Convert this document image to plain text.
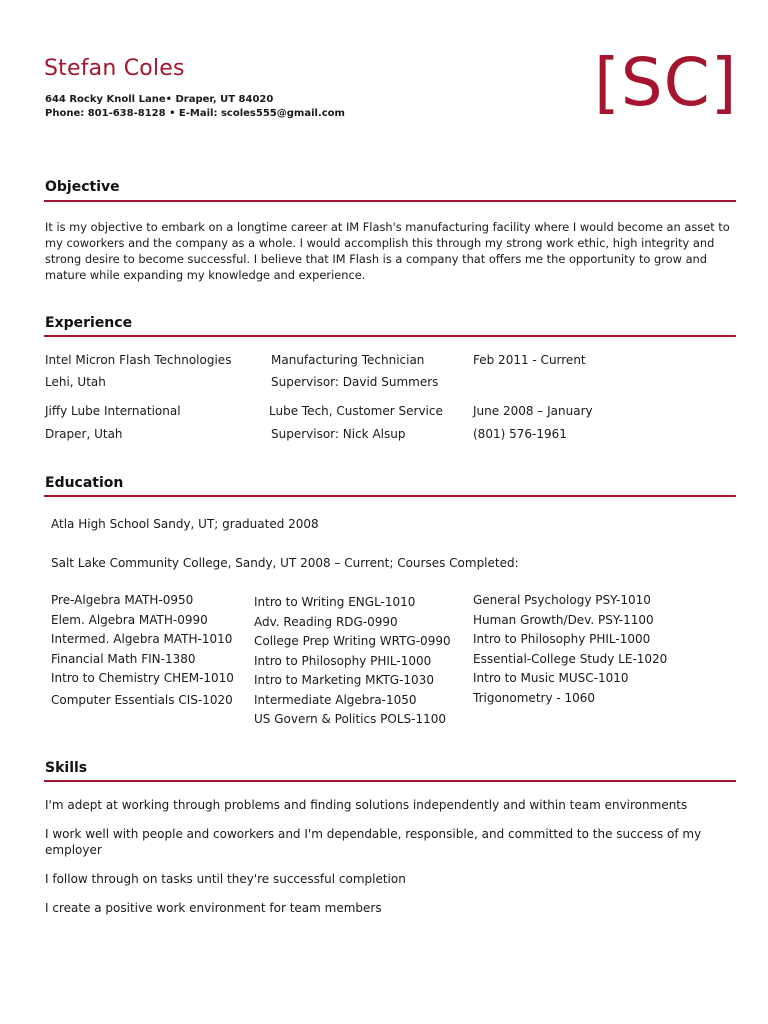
Stefan Coles
644 Rocky Knoll Lane• Draper, UT 84020
Phone: 801-638-8128 • E-Mail: scoles555@gmail.com	[SC]
Objective
It is my objective to embark on a longtime career at IM Flash's manufacturing facility where I would become an asset to my coworkers and the company as a whole. I would accomplish this through my strong work ethic, high integrity and strong desire to become successful. I believe that IM Flash is a company that offers me the opportunity to grow and mature while expanding my knowledge and experience.
Experience
Intel Micron Flash Technologies
Lehi, Utah
Manufacturing Technician
Supervisor: David Summers
Feb 2011 - Current
Jiffy Lube International
Draper, Utah
Lube Tech, Customer Service
Supervisor: Nick Alsup
June 2008 – January
(801) 576-1961
Education
Atla High School Sandy, UT; graduated 2008
Salt Lake Community College, Sandy, UT 2008 – Current; Courses Completed:
Pre-Algebra MATH-0950
Elem. Algebra MATH-0990
Intermed. Algebra MATH-1010
Financial Math FIN-1380
Intro to Chemistry CHEM-1010
Computer Essentials CIS-1020
Intro to Writing ENGL-1010
Adv. Reading RDG-0990
College Prep Writing WRTG-0990
Intro to Philosophy PHIL-1000
Intro to Marketing MKTG-1030
Intermediate Algebra-1050
US Govern & Politics POLS-1100
General Psychology PSY-1010
Human Growth/Dev. PSY-1100
Intro to Philosophy PHIL-1000
Essential-College Study LE-1020
Intro to Music MUSC-1010
Trigonometry - 1060
Skills
I'm adept at working through problems and finding solutions independently and within team environments
I work well with people and coworkers and I'm dependable, responsible, and committed to the success of my employer
I follow through on tasks until they're successful completion
I create a positive work environment for team members
